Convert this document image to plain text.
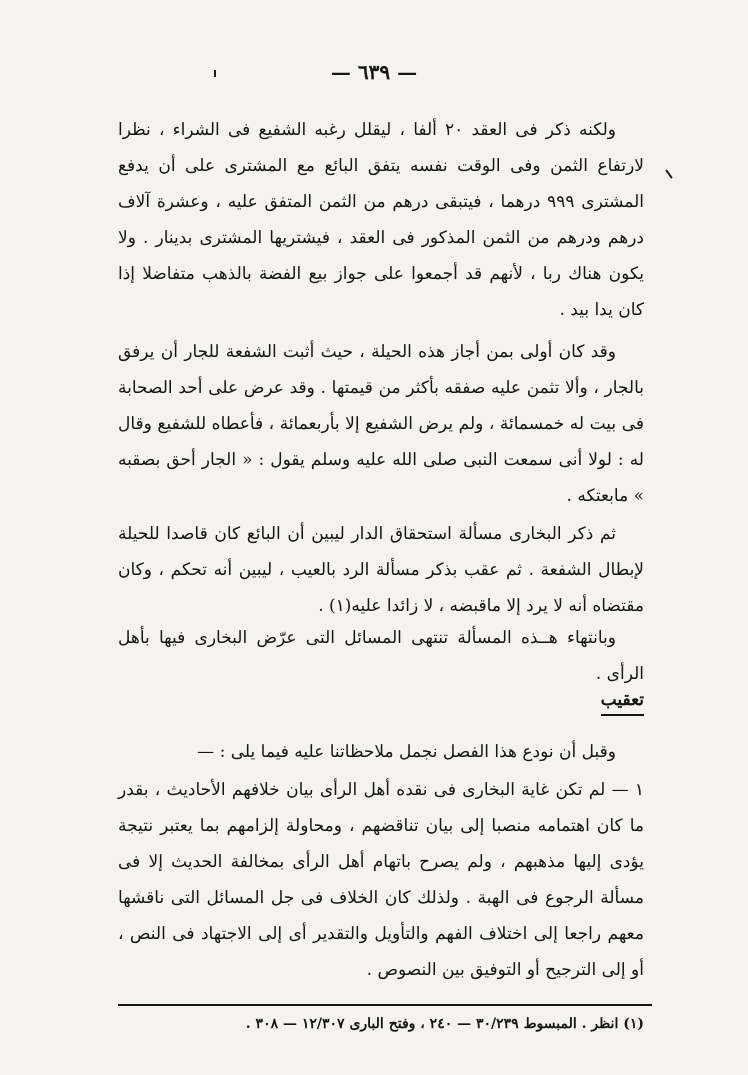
— ٦٣٩ —
ولكنه ذكر فى العقد ٢٠ ألفا ، ليقلل رغبه الشفيع فى الشراء ، نظرا لارتفاع الثمن وفى الوقت نفسه يتفق البائع مع المشترى على أن يدفع المشترى ٩٩٩ درهما ، فيتبقى درهم من الثمن المتفق عليه ، وعشرة آلاف درهم ودرهم من الثمن المذكور فى العقد ، فيشتريها المشترى بدينار . ولا يكون هناك ربا ، لأنهم قد أجمعوا على جواز بيع الفضة بالذهب متفاضلا إذا كان يدا بيد .
وقد كان أولى بمن أجاز هذه الحيلة ، حيث أثبت الشفعة للجار أن يرفق بالجار ، وألا تثمن عليه صفقه بأكثر من قيمتها . وقد عرض على أحد الصحابة فى بيت له خمسمائة ، ولم يرض الشفيع إلا بأربعمائة ، فأعطاه للشفيع وقال له : لولا أنى سمعت النبى صلى الله عليه وسلم يقول : « الجار أحق بصقبه » مابعتكه .
ثم ذكر البخارى مسألة استحقاق الدار ليبين أن البائع كان قاصدا للحيلة لإبطال الشفعة . ثم عقب بذكر مسألة الرد بالعيب ، ليبين أنه تحكم ، وكان مقتضاه أنه لا يرد إلا ماقبضه ، لا زائدا عليه(١) .
وبانتهاء هــذه المسألة تنتهى المسائل التى عرّض البخارى فيها بأهل الرأى .
تعقيب
وقبل أن نودع هذا الفصل نجمل ملاحظاتنا عليه فيما يلى : —
١ — لم تكن غاية البخارى فى نقده أهل الرأى بيان خلافهم الأحاديث ، بقدر ما كان اهتمامه منصبا إلى بيان تناقضهم ، ومحاولة إلزامهم بما يعتبر نتيجة يؤدى إليها مذهبهم ، ولم يصرح باتهام أهل الرأى بمخالفة الحديث إلا فى مسألة الرجوع فى الهبة . ولذلك كان الخلاف فى جل المسائل التى ناقشها معهم راجعا إلى اختلاف الفهم والتأويل والتقدير أى إلى الاجتهاد فى النص ، أو إلى الترجيح أو التوفيق بين النصوص .
(١) انظر . المبسوط ٣٠/٢٣٩ — ٢٤٠ ، وفتح البارى ١٢/٣٠٧ — ٣٠٨ .
